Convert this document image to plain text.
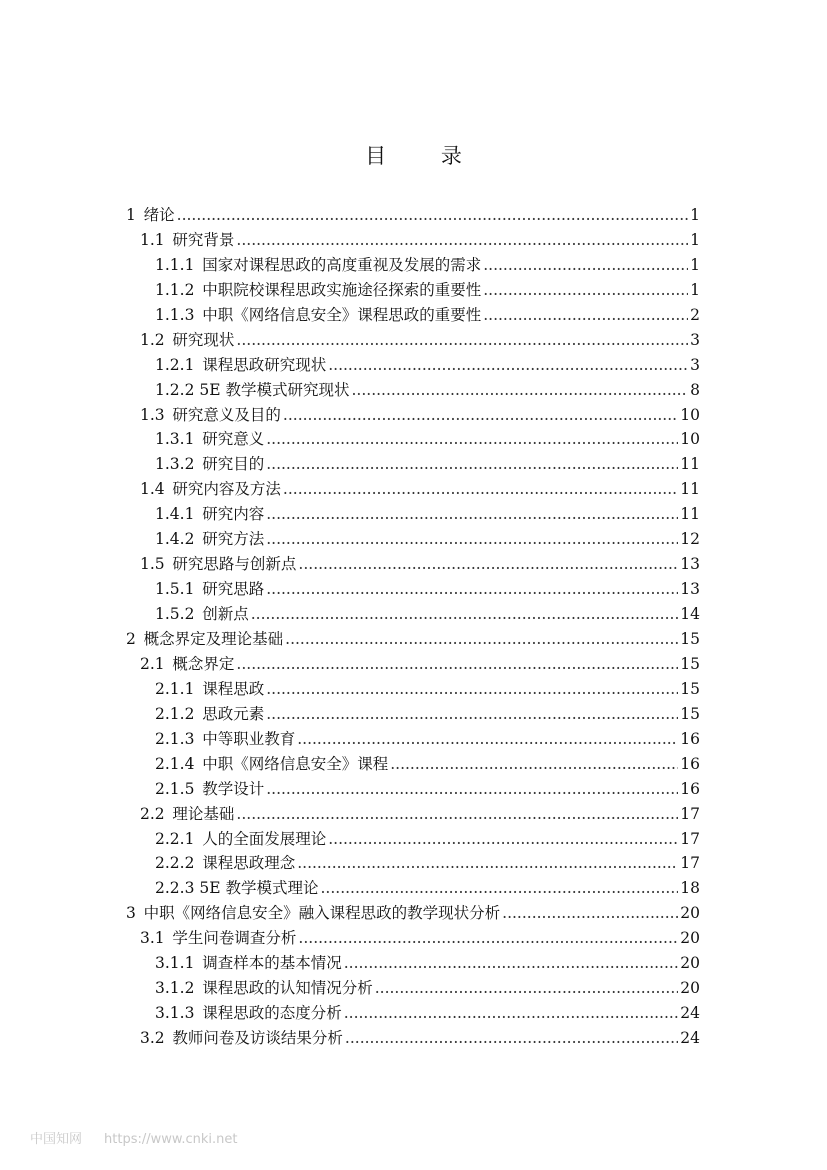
目 录
1  绪论 .....	1
1.1  研究背景 .....	1
1.1.1  国家对课程思政的高度重视及发展的需求 .....	1
1.1.2  中职院校课程思政实施途径探索的重要性 .....	1
1.1.3  中职《网络信息安全》课程思政的重要性 .....	2
1.2  研究现状 .....	3
1.2.1  课程思政研究现状 .....	3
1.2.2 5E 教学模式研究现状 .....	8
1.3  研究意义及目的 .....	10
1.3.1  研究意义 .....	10
1.3.2  研究目的 .....	11
1.4  研究内容及方法 .....	11
1.4.1  研究内容 .....	11
1.4.2  研究方法 .....	12
1.5  研究思路与创新点 .....	13
1.5.1  研究思路 .....	13
1.5.2  创新点 .....	14
2  概念界定及理论基础 .....	15
2.1  概念界定 .....	15
2.1.1  课程思政 .....	15
2.1.2  思政元素 .....	15
2.1.3  中等职业教育 .....	16
2.1.4  中职《网络信息安全》课程 .....	16
2.1.5  教学设计 .....	16
2.2  理论基础 .....	17
2.2.1  人的全面发展理论 .....	17
2.2.2  课程思政理念 .....	17
2.2.3 5E 教学模式理论 .....	18
3  中职《网络信息安全》融入课程思政的教学现状分析 .....	20
3.1  学生问卷调查分析 .....	20
3.1.1  调查样本的基本情况 .....	20
3.1.2  课程思政的认知情况分析 .....	20
3.1.3  课程思政的态度分析 .....	24
3.2  教师问卷及访谈结果分析 .....	24
中国知网 https://www.cnki.net
